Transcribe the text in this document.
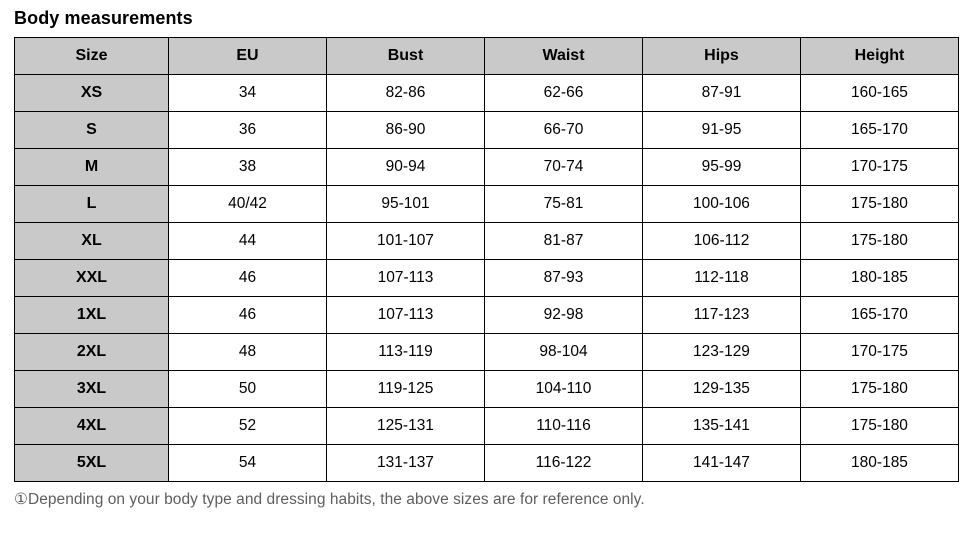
Body measurements
Size	EU	Bust	Waist	Hips	Height
XS	34	82-86	62-66	87-91	160-165
S	36	86-90	66-70	91-95	165-170
M	38	90-94	70-74	95-99	170-175
L	40/42	95-101	75-81	100-106	175-180
XL	44	101-107	81-87	106-112	175-180
XXL	46	107-113	87-93	112-118	180-185
1XL	46	107-113	92-98	117-123	165-170
2XL	48	113-119	98-104	123-129	170-175
3XL	50	119-125	104-110	129-135	175-180
4XL	52	125-131	110-116	135-141	175-180
5XL	54	131-137	116-122	141-147	180-185
①Depending on your body type and dressing habits, the above sizes are for reference only.
